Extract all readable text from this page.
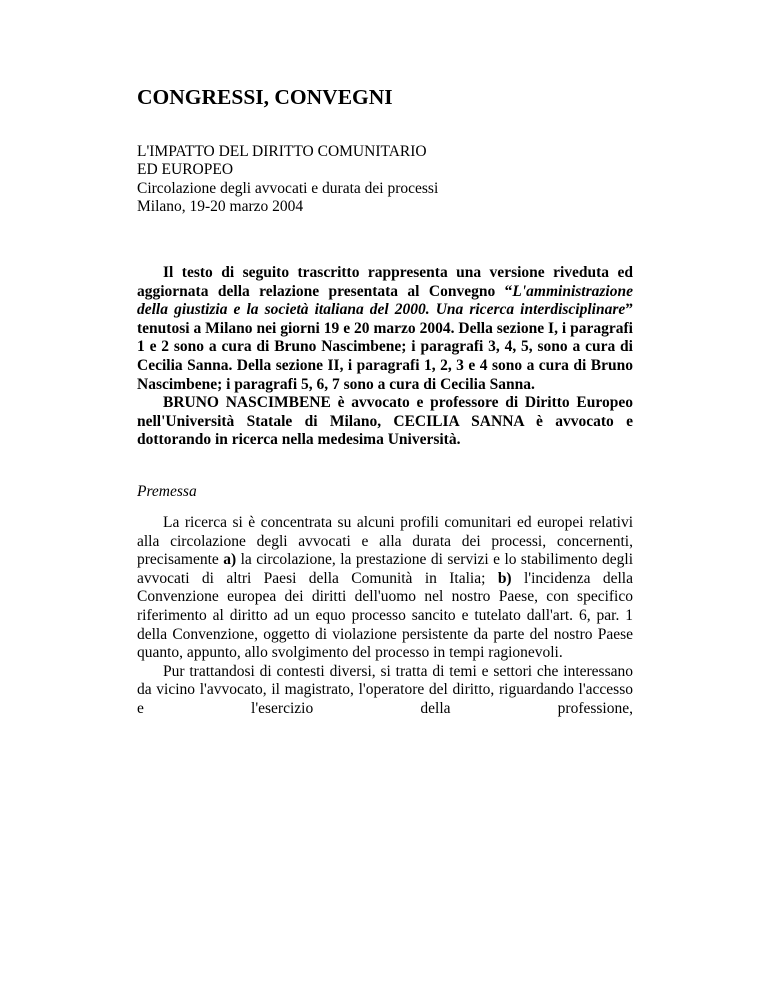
CONGRESSI, CONVEGNI
L'IMPATTO DEL DIRITTO COMUNITARIO
ED EUROPEO
Circolazione degli avvocati e durata dei processi
Milano, 19-20 marzo 2004

Il testo di seguito trascritto rappresenta una versione riveduta ed aggiornata della relazione presentata al Convegno “L'amministrazione della giustizia e la società italiana del 2000. Una ricerca interdisciplinare” tenutosi a Milano nei giorni 19 e 20 marzo 2004. Della sezione I, i paragrafi 1 e 2 sono a cura di Bruno Nascimbene; i paragrafi 3, 4, 5, sono a cura di Cecilia Sanna. Della sezione II, i paragrafi 1, 2, 3 e 4 sono a cura di Bruno Nascimbene; i paragrafi 5, 6, 7 sono a cura di Cecilia Sanna.

BRUNO NASCIMBENE è avvocato e professore di Diritto Europeo nell'Università Statale di Milano, CECILIA SANNA è avvocato e dottorando in ricerca nella medesima Università.

Premessa

La ricerca si è concentrata su alcuni profili comunitari ed europei relativi alla circolazione degli avvocati e alla durata dei processi, concernenti, precisamente a) la circolazione, la prestazione di servizi e lo stabilimento degli avvocati di altri Paesi della Comunità in Italia; b) l'incidenza della Convenzione europea dei diritti dell'uomo nel nostro Paese, con specifico riferimento al diritto ad un equo processo sancito e tutelato dall'art. 6, par. 1 della Convenzione, oggetto di violazione persistente da parte del nostro Paese quanto, appunto, allo svolgimento del processo in tempi ragionevoli.

Pur trattandosi di contesti diversi, si tratta di temi e settori che interessano da vicino l'avvocato, il magistrato, l'operatore del diritto, riguardando l'accesso e l'esercizio della professione,
